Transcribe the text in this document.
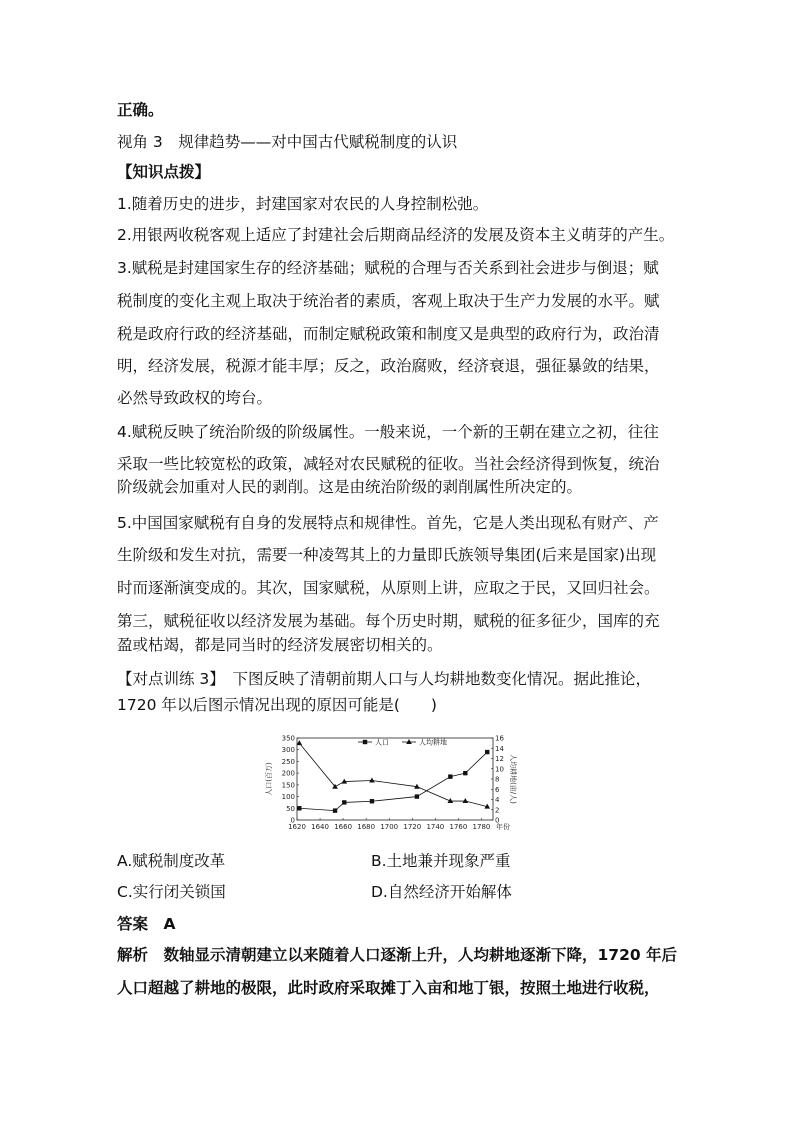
正确。
视角 3　规律趋势——对中国古代赋税制度的认识
【知识点拨】
1.随着历史的进步，封建国家对农民的人身控制松弛。
2.用银两收税客观上适应了封建社会后期商品经济的发展及资本主义萌芽的产生。
3.赋税是封建国家生存的经济基础；赋税的合理与否关系到社会进步与倒退；赋
税制度的变化主观上取决于统治者的素质，客观上取决于生产力发展的水平。赋
税是政府行政的经济基础，而制定赋税政策和制度又是典型的政府行为，政治清
明，经济发展，税源才能丰厚；反之，政治腐败，经济衰退，强征暴敛的结果，
必然导致政权的垮台。
4.赋税反映了统治阶级的阶级属性。一般来说，一个新的王朝在建立之初，往往
采取一些比较宽松的政策，减轻对农民赋税的征收。当社会经济得到恢复，统治
阶级就会加重对人民的剥削。这是由统治阶级的剥削属性所决定的。
5.中国国家赋税有自身的发展特点和规律性。首先，它是人类出现私有财产、产
生阶级和发生对抗，需要一种凌驾其上的力量即氏族领导集团(后来是国家)出现
时而逐渐演变成的。其次，国家赋税，从原则上讲，应取之于民，又回归社会。
第三，赋税征收以经济发展为基础。每个历史时期，赋税的征多征少，国库的充
盈或枯竭，都是同当时的经济发展密切相关的。
【对点训练 3】　下图反映了清朝前期人口与人均耕地数变化情况。据此推论，
1720 年以后图示情况出现的原因可能是(　　)
1620 1640 1660 1680 1700 1720 1740 1760 1780 年份
0
50
100
150
200
250
300
350
0
2
4
6
8
10
12
14
16
人口(百万)	人均耕地(亩/人)
人口	人均耕地
A.赋税制度改革	B.土地兼并现象严重
C.实行闭关锁国	D.自然经济开始解体
答案　A
解析　数轴显示清朝建立以来随着人口逐渐上升，人均耕地逐渐下降，1720 年后
人口超越了耕地的极限，此时政府采取摊丁入亩和地丁银，按照土地进行收税，
